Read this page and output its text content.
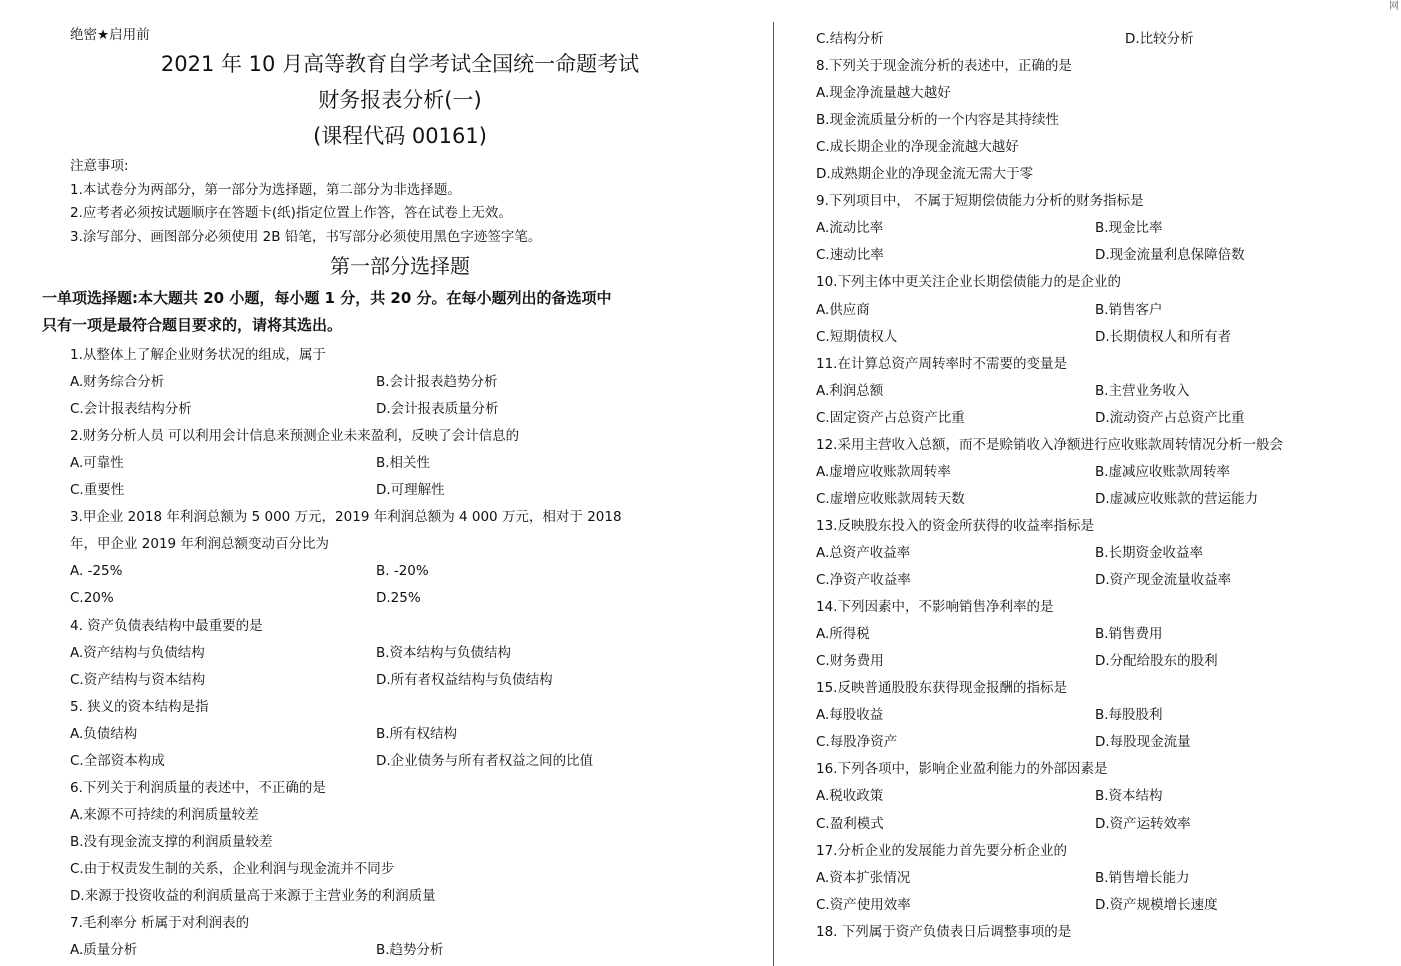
网
绝密★启用前
2021 年 10 月高等教育自学考试全国统一命题考试
财务报表分析(一)
(课程代码 00161)
注意事项:
1.本试卷分为两部分，第一部分为选择题，第二部分为非选择题。
2.应考者必须按试题顺序在答题卡(纸)指定位置上作答，答在试卷上无效。
3.涂写部分、画图部分必须使用 2B 铅笔，书写部分必须使用黑色字迹签字笔。
第一部分选择题
一单项选择题:本大题共 20 小题，每小题 1 分，共 20 分。在每小题列出的备选项中
只有一项是最符合题目要求的，请将其选出。
1.从整体上了解企业财务状况的组成，属于
A.财务综合分析	B.会计报表趋势分析
C.会计报表结构分析	D.会计报表质量分析
2.财务分析人员 可以利用会计信息来预测企业未来盈利，反映了会计信息的
A.可靠性	B.相关性
C.重要性	D.可理解性
3.甲企业 2018 年利润总额为 5 000 万元，2019 年利润总额为 4 000 万元，相对于 2018
年，甲企业 2019 年利润总额变动百分比为
A. -25%	B. -20%
C.20%	D.25%
4. 资产负债表结构中最重要的是
A.资产结构与负债结构	B.资本结构与负债结构
C.资产结构与资本结构	D.所有者权益结构与负债结构
5. 狭义的资本结构是指
A.负债结构	B.所有权结构
C.全部资本构成	D.企业债务与所有者权益之间的比值
6.下列关于利润质量的表述中，不正确的是
A.来源不可持续的利润质量较差
B.没有现金流支撑的利润质量较差
C.由于权责发生制的关系，企业利润与现金流并不同步
D.来源于投资收益的利润质量高于来源于主营业务的利润质量
7.毛利率分 析属于对利润表的
A.质量分析	B.趋势分析
C.结构分析	D.比较分析
8.下列关于现金流分析的表述中，正确的是
A.现金净流量越大越好
B.现金流质量分析的一个内容是其持续性
C.成长期企业的净现金流越大越好
D.成熟期企业的净现金流无需大于零
9.下列项目中， 不属于短期偿债能力分析的财务指标是
A.流动比率	B.现金比率
C.速动比率	D.现金流量利息保障倍数
10.下列主体中更关注企业长期偿债能力的是企业的
A.供应商	B.销售客户
C.短期债权人	D.长期债权人和所有者
11.在计算总资产周转率时不需要的变量是
A.利润总额	B.主营业务收入
C.固定资产占总资产比重	D.流动资产占总资产比重
12.采用主营收入总额，而不是赊销收入净额进行应收账款周转情况分析一般会
A.虚增应收账款周转率	B.虚减应收账款周转率
C.虚增应收账款周转天数	D.虚减应收账款的营运能力
13.反映股东投入的资金所获得的收益率指标是
A.总资产收益率	B.长期资金收益率
C.净资产收益率	D.资产现金流量收益率
14.下列因素中，不影响销售净利率的是
A.所得税	B.销售费用
C.财务费用	D.分配给股东的股利
15.反映普通股股东获得现金报酬的指标是
A.每股收益	B.每股股利
C.每股净资产	D.每股现金流量
16.下列各项中，影响企业盈利能力的外部因素是
A.税收政策	B.资本结构
C.盈利模式	D.资产运转效率
17.分析企业的发展能力首先要分析企业的
A.资本扩张情况	B.销售增长能力
C.资产使用效率	D.资产规模增长速度
18. 下列属于资产负债表日后调整事项的是
